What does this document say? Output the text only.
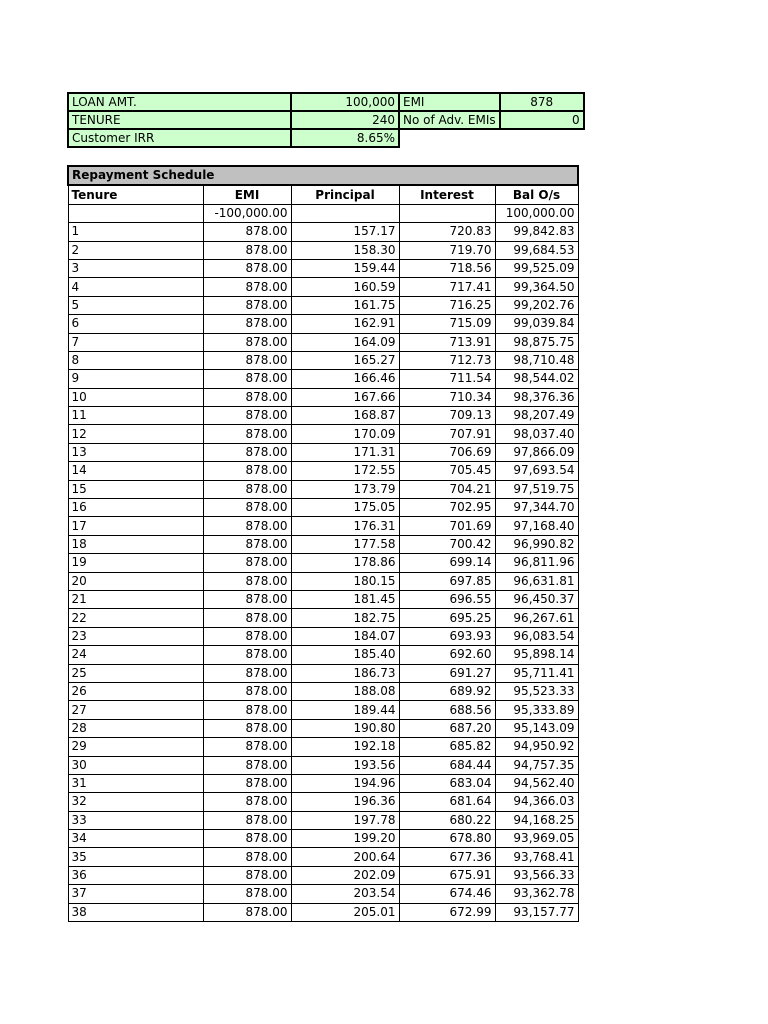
LOAN AMT.	100,000	EMI	878
TENURE	240	No of Adv. EMIs	0
Customer IRR	8.65%		
Repayment Schedule				
Tenure	EMI	Principal	Interest	Bal O/s
	-100,000.00			100,000.00
1	878.00	157.17	720.83	99,842.83
2	878.00	158.30	719.70	99,684.53
3	878.00	159.44	718.56	99,525.09
4	878.00	160.59	717.41	99,364.50
5	878.00	161.75	716.25	99,202.76
6	878.00	162.91	715.09	99,039.84
7	878.00	164.09	713.91	98,875.75
8	878.00	165.27	712.73	98,710.48
9	878.00	166.46	711.54	98,544.02
10	878.00	167.66	710.34	98,376.36
11	878.00	168.87	709.13	98,207.49
12	878.00	170.09	707.91	98,037.40
13	878.00	171.31	706.69	97,866.09
14	878.00	172.55	705.45	97,693.54
15	878.00	173.79	704.21	97,519.75
16	878.00	175.05	702.95	97,344.70
17	878.00	176.31	701.69	97,168.40
18	878.00	177.58	700.42	96,990.82
19	878.00	178.86	699.14	96,811.96
20	878.00	180.15	697.85	96,631.81
21	878.00	181.45	696.55	96,450.37
22	878.00	182.75	695.25	96,267.61
23	878.00	184.07	693.93	96,083.54
24	878.00	185.40	692.60	95,898.14
25	878.00	186.73	691.27	95,711.41
26	878.00	188.08	689.92	95,523.33
27	878.00	189.44	688.56	95,333.89
28	878.00	190.80	687.20	95,143.09
29	878.00	192.18	685.82	94,950.92
30	878.00	193.56	684.44	94,757.35
31	878.00	194.96	683.04	94,562.40
32	878.00	196.36	681.64	94,366.03
33	878.00	197.78	680.22	94,168.25
34	878.00	199.20	678.80	93,969.05
35	878.00	200.64	677.36	93,768.41
36	878.00	202.09	675.91	93,566.33
37	878.00	203.54	674.46	93,362.78
38	878.00	205.01	672.99	93,157.77
